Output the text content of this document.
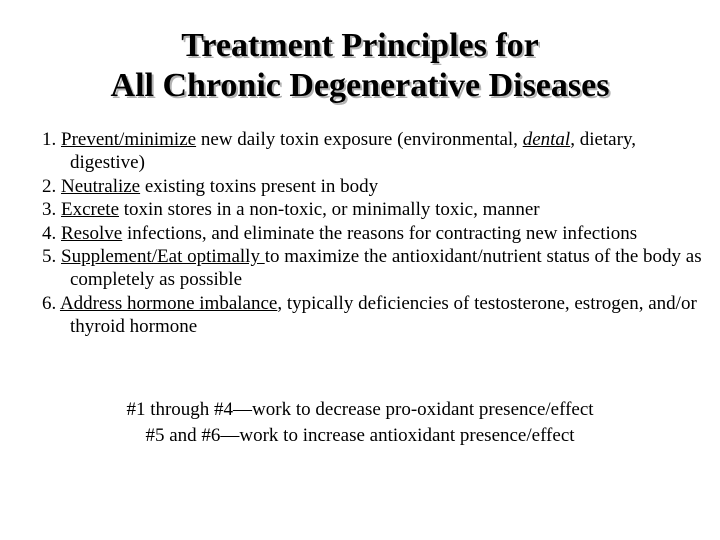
Treatment Principles for
All Chronic Degenerative Diseases
1. Prevent/minimize new daily toxin exposure (environmental, dental, dietary, digestive)
2. Neutralize existing toxins present in body
3. Excrete toxin stores in a non-toxic, or minimally toxic, manner
4. Resolve infections, and eliminate the reasons for contracting new infections
5. Supplement/Eat optimally to maximize the antioxidant/nutrient status of the body as completely as possible
6. Address hormone imbalance, typically deficiencies of testosterone, estrogen, and/or thyroid hormone
#1 through #4—work to decrease pro-oxidant presence/effect
#5 and #6—work to increase antioxidant presence/effect
